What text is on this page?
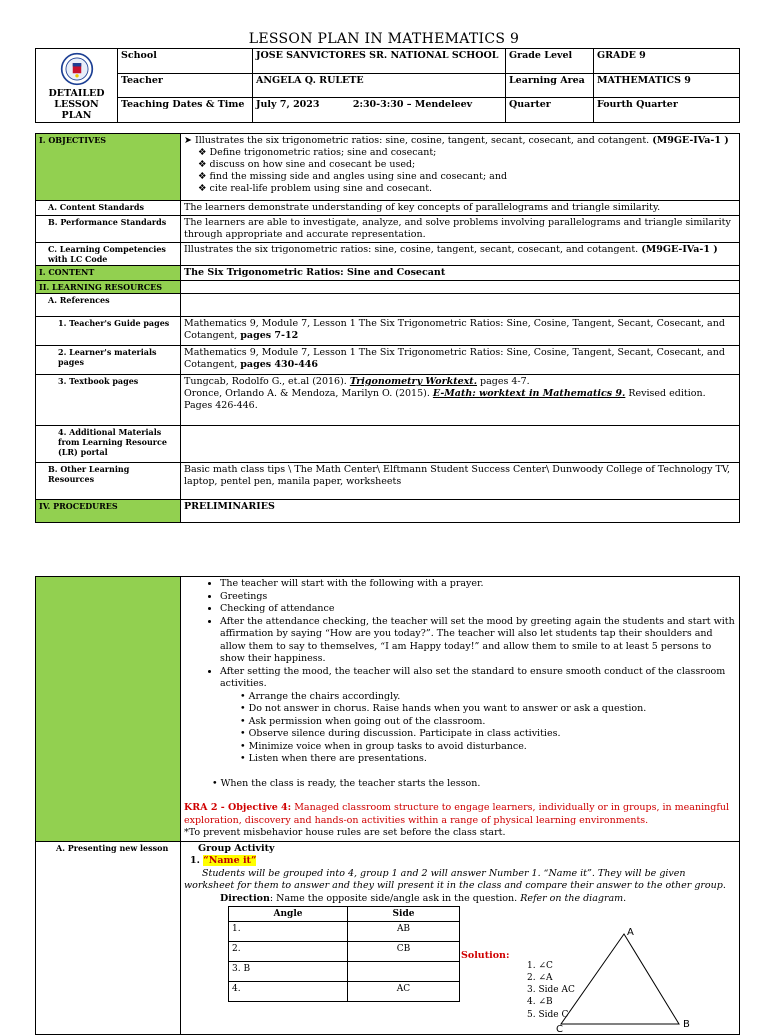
LESSON PLAN IN MATHEMATICS 9
DETAILED
LESSON
PLAN	School	JOSE SANVICTORES SR. NATIONAL SCHOOL	Grade Level	GRADE 9
	Teacher	ANGELA Q. RULETE	Learning Area	MATHEMATICS 9
	Teaching Dates & Time	July 7, 2023 2:30-3:30 – Mendeleev	Quarter	Fourth Quarter
I. OBJECTIVES	➤ Illustrates the six trigonometric ratios: sine, cosine, tangent, secant, cosecant, and cotangent. (M9GE-IVa-1 )
❖ Define trigonometric ratios; sine and cosecant;
❖ discuss on how sine and cosecant be used;
❖ find the missing side and angles using sine and cosecant; and
❖ cite real-life problem using sine and cosecant.

A. Content Standards	The learners demonstrate understanding of key concepts of parallelograms and triangle similarity.
B. Performance Standards	The learners are able to investigate, analyze, and solve problems involving parallelograms and triangle similarity through appropriate and accurate representation.
C. Learning Competencies with LC Code	Illustrates the six trigonometric ratios: sine, cosine, tangent, secant, cosecant, and cotangent. (M9GE-IVa-1 )
I. CONTENT	The Six Trigonometric Ratios: Sine and Cosecant
II. LEARNING RESOURCES	
A. References	
1. Teacher's Guide pages	Mathematics 9, Module 7, Lesson 1 The Six Trigonometric Ratios: Sine, Cosine, Tangent, Secant, Cosecant, and Cotangent, pages 7-12
2. Learner's materials pages	Mathematics 9, Module 7, Lesson 1 The Six Trigonometric Ratios: Sine, Cosine, Tangent, Secant, Cosecant, and Cotangent, pages 430-446
3. Textbook pages	Tungcab, Rodolfo G., et.al (2016). Trigonometry Worktext. pages 4-7.
Oronce, Orlando A. & Mendoza, Marilyn O. (2015). E-Math: worktext in Mathematics 9. Revised edition. Pages 426-446.

4. Additional Materials from Learning Resource (LR) portal	
B. Other Learning Resources	Basic math class tips \ The Math Center\ Elftmann Student Success Center\ Dunwoody College of Technology TV, laptop, pentel pen, manila paper, worksheets
IV. PROCEDURES	PRELIMINARIES

• The teacher will start with the following with a prayer.
• Greetings
• Checking of attendance
• After the attendance checking, the teacher will set the mood by greeting again the students and start with affirmation by saying “How are you today?”. The teacher will also let students tap their shoulders and allow them to say to themselves, “I am Happy today!” and allow them to smile to at least 5 persons to show their happiness.
• After setting the mood, the teacher will also set the standard to ensure smooth conduct of the classroom activities.
• Arrange the chairs accordingly.
• Do not answer in chorus. Raise hands when you want to answer or ask a question.
• Ask permission when going out of the classroom.
• Observe silence during discussion. Participate in class activities.
• Minimize voice when in group tasks to avoid disturbance.
• Listen when there are presentations.
• When the class is ready, the teacher starts the lesson.
KRA 2 - Objective 4: Managed classroom structure to engage learners, individually or in groups, in meaningful exploration, discovery and hands-on activities within a range of physical learning environments.
*To prevent misbehavior house rules are set before the class start.

A. Presenting new lesson	Group Activity
1. “Name it”
Students will be grouped into 4, group 1 and 2 will answer Number 1. “Name it”. They will be given worksheet for them to answer and they will present it in the class and compare their answer to the other group.
Direction: Name the opposite side/angle ask in the question. Refer on the diagram.
Angle	Side
1.	AB
2.	CB
3. B	
4.	AC
Solution:
1. ∠C
2. ∠A
3. Side AC
4. ∠B
5. Side C
A
B
C
